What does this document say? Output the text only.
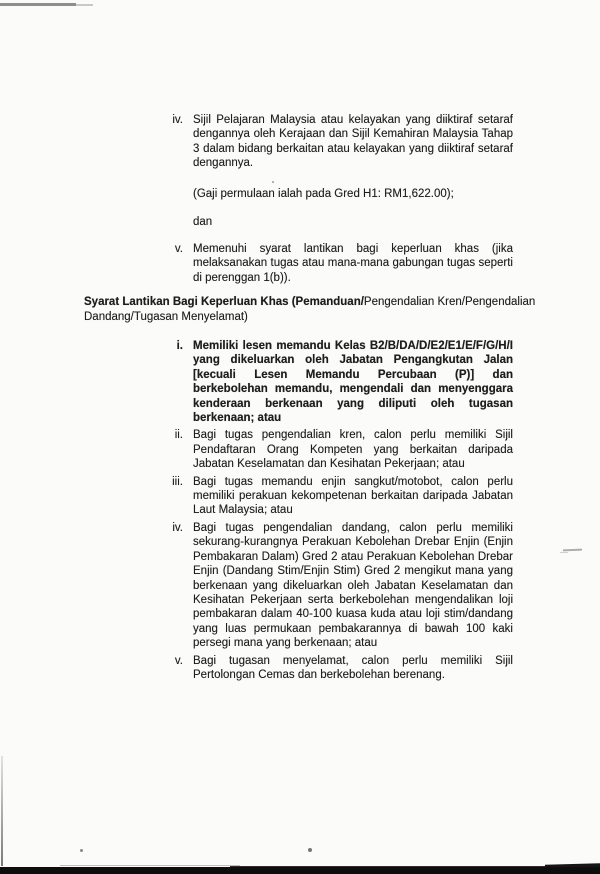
iv. Sijil Pelajaran Malaysia atau kelayakan yang diiktiraf setaraf dengannya oleh Kerajaan dan Sijil Kemahiran Malaysia Tahap 3 dalam bidang berkaitan atau kelayakan yang diiktiraf setaraf dengannya.
(Gaji permulaan ialah pada Gred H1: RM1,622.00);
dan
v. Memenuhi syarat lantikan bagi keperluan khas (jika melaksanakan tugas atau mana-mana gabungan tugas seperti di perenggan 1(b)).
Syarat Lantikan Bagi Keperluan Khas (Pemanduan/Pengendalian Kren/Pengendalian
Dandang/Tugasan Menyelamat)
i. Memiliki lesen memandu Kelas B2/B/DA/D/E2/E1/E/F/G/H/I yang dikeluarkan oleh Jabatan Pengangkutan Jalan [kecuali Lesen Memandu Percubaan (P)] dan berkebolehan memandu, mengendali dan menyenggara kenderaan berkenaan yang diliputi oleh tugasan berkenaan; atau
ii. Bagi tugas pengendalian kren, calon perlu memiliki Sijil Pendaftaran Orang Kompeten yang berkaitan daripada Jabatan Keselamatan dan Kesihatan Pekerjaan; atau
iii. Bagi tugas memandu enjin sangkut/motobot, calon perlu memiliki perakuan kekompetenan berkaitan daripada Jabatan Laut Malaysia; atau
iv. Bagi tugas pengendalian dandang, calon perlu memiliki sekurang-kurangnya Perakuan Kebolehan Drebar Enjin (Enjin Pembakaran Dalam) Gred 2 atau Perakuan Kebolehan Drebar Enjin (Dandang Stim/Enjin Stim) Gred 2 mengikut mana yang berkenaan yang dikeluarkan oleh Jabatan Keselamatan dan Kesihatan Pekerjaan serta berkebolehan mengendalikan loji pembakaran dalam 40-100 kuasa kuda atau loji stim/dandang yang luas permukaan pembakarannya di bawah 100 kaki persegi mana yang berkenaan; atau
v. Bagi tugasan menyelamat, calon perlu memiliki Sijil Pertolongan Cemas dan berkebolehan berenang.
